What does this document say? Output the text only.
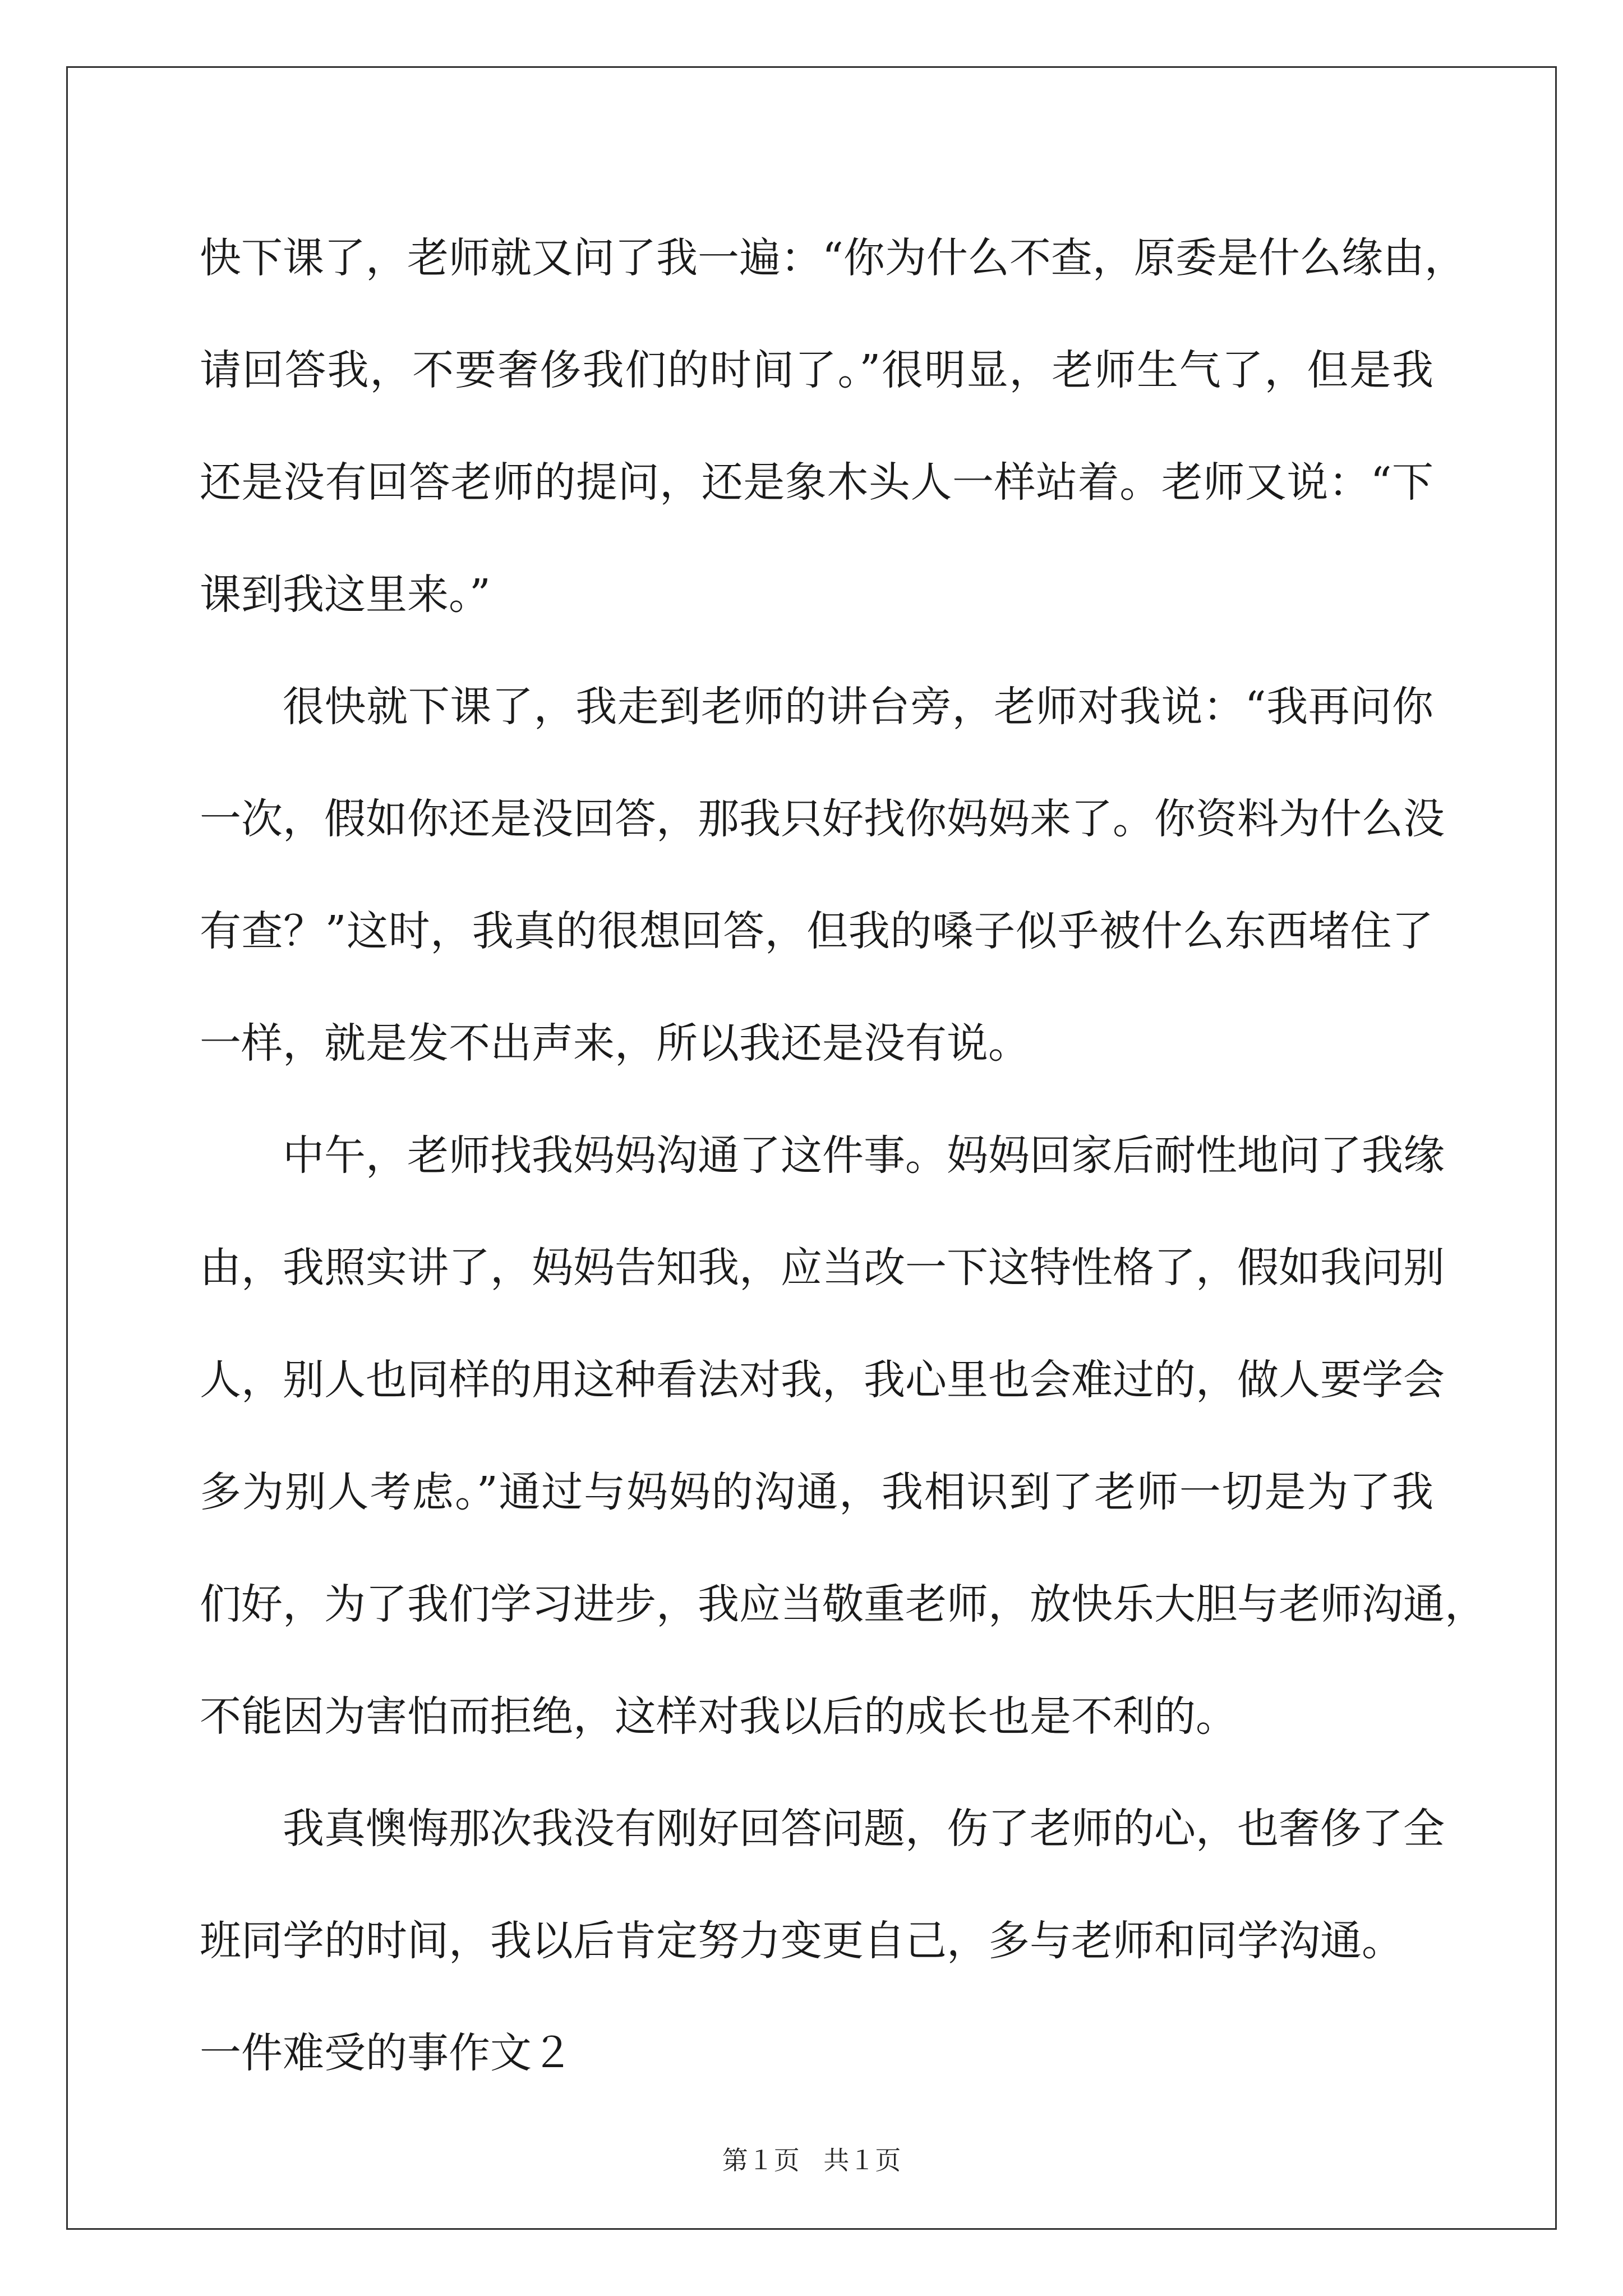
快下课了，老师就又问了我一遍：“你为什么不查，原委是什么缘由，
请回答我，不要奢侈我们的时间了。”很明显，老师生气了，但是我
还是没有回答老师的提问，还是象木头人一样站着。老师又说：“下
课到我这里来。”
很快就下课了，我走到老师的讲台旁，老师对我说：“我再问你
一次，假如你还是没回答，那我只好找你妈妈来了。你资料为什么没
有查？”这时，我真的很想回答，但我的嗓子似乎被什么东西堵住了
一样，就是发不出声来，所以我还是没有说。
中午，老师找我妈妈沟通了这件事。妈妈回家后耐性地问了我缘
由，我照实讲了，妈妈告知我，应当改一下这特性格了，假如我问别
人，别人也同样的用这种看法对我，我心里也会难过的，做人要学会
多为别人考虑。”通过与妈妈的沟通，我相识到了老师一切是为了我
们好，为了我们学习进步，我应当敬重老师，放快乐大胆与老师沟通，
不能因为害怕而拒绝，这样对我以后的成长也是不利的。
我真懊悔那次我没有刚好回答问题，伤了老师的心，也奢侈了全
班同学的时间，我以后肯定努力变更自己，多与老师和同学沟通。
一件难受的事作文２
第１页 共１页
